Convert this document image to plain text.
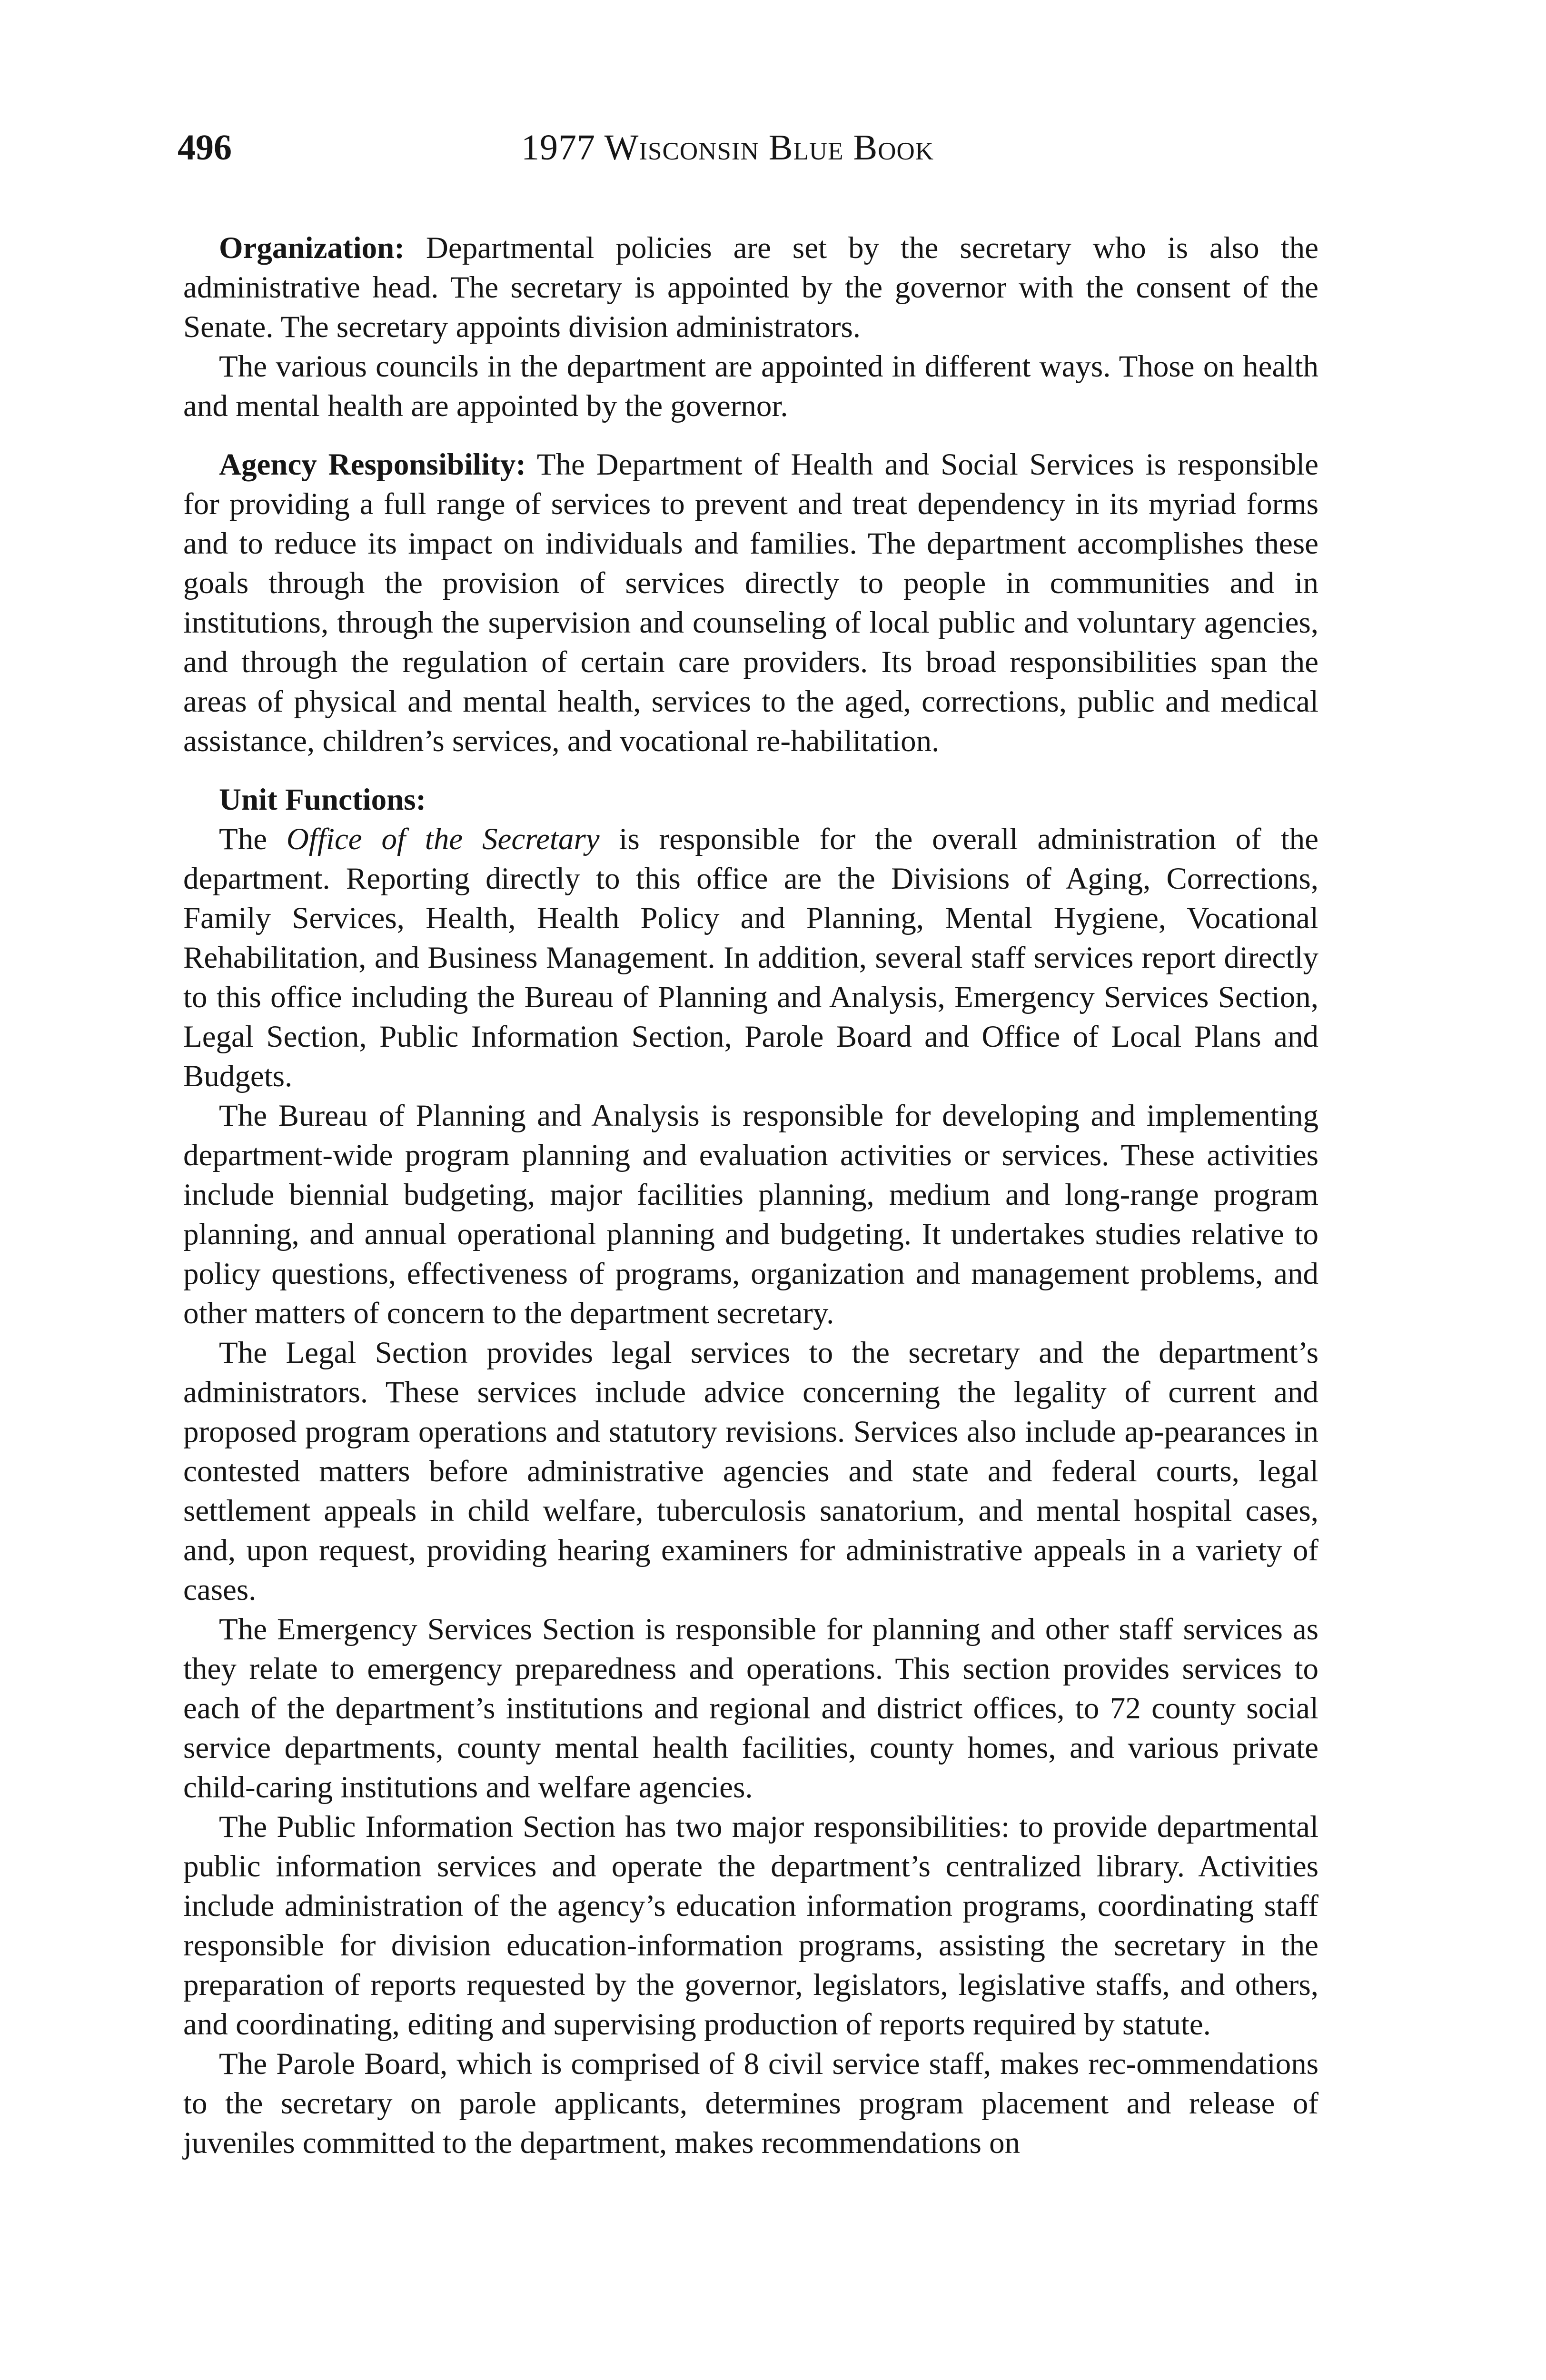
496	1977 Wisconsin Blue Book

Organization: Departmental policies are set by the secretary who is also the administrative head. The secretary is appointed by the governor with the consent of the Senate. The secretary appoints division administrators.

The various councils in the department are appointed in different ways. Those on health and mental health are appointed by the governor.

Agency Responsibility: The Department of Health and Social Services is responsible for providing a full range of services to prevent and treat dependency in its myriad forms and to reduce its impact on individuals and families. The department accomplishes these goals through the provision of services directly to people in communities and in institutions, through the supervision and counseling of local public and voluntary agencies, and through the regulation of certain care providers. Its broad responsibilities span the areas of physical and mental health, services to the aged, corrections, public and medical assistance, children’s services, and vocational re-habilitation.

Unit Functions:

The Office of the Secretary is responsible for the overall administration of the department. Reporting directly to this office are the Divisions of Aging, Corrections, Family Services, Health, Health Policy and Planning, Mental Hygiene, Vocational Rehabilitation, and Business Management. In addition, several staff services report directly to this office including the Bureau of Planning and Analysis, Emergency Services Section, Legal Section, Public Information Section, Parole Board and Office of Local Plans and Budgets.

The Bureau of Planning and Analysis is responsible for developing and implementing department-wide program planning and evaluation activities or services. These activities include biennial budgeting, major facilities planning, medium and long-range program planning, and annual operational planning and budgeting. It undertakes studies relative to policy questions, effectiveness of programs, organization and management problems, and other matters of concern to the department secretary.

The Legal Section provides legal services to the secretary and the department’s administrators. These services include advice concerning the legality of current and proposed program operations and statutory revisions. Services also include ap-pearances in contested matters before administrative agencies and state and federal courts, legal settlement appeals in child welfare, tuberculosis sanatorium, and mental hospital cases, and, upon request, providing hearing examiners for administrative appeals in a variety of cases.

The Emergency Services Section is responsible for planning and other staff services as they relate to emergency preparedness and operations. This section provides services to each of the department’s institutions and regional and district offices, to 72 county social service departments, county mental health facilities, county homes, and various private child-caring institutions and welfare agencies.

The Public Information Section has two major responsibilities: to provide departmental public information services and operate the department’s centralized library. Activities include administration of the agency’s education information programs, coordinating staff responsible for division education-information programs, assisting the secretary in the preparation of reports requested by the governor, legislators, legislative staffs, and others, and coordinating, editing and supervising production of reports required by statute.

The Parole Board, which is comprised of 8 civil service staff, makes rec-ommendations to the secretary on parole applicants, determines program placement and release of juveniles committed to the department, makes recommendations on
